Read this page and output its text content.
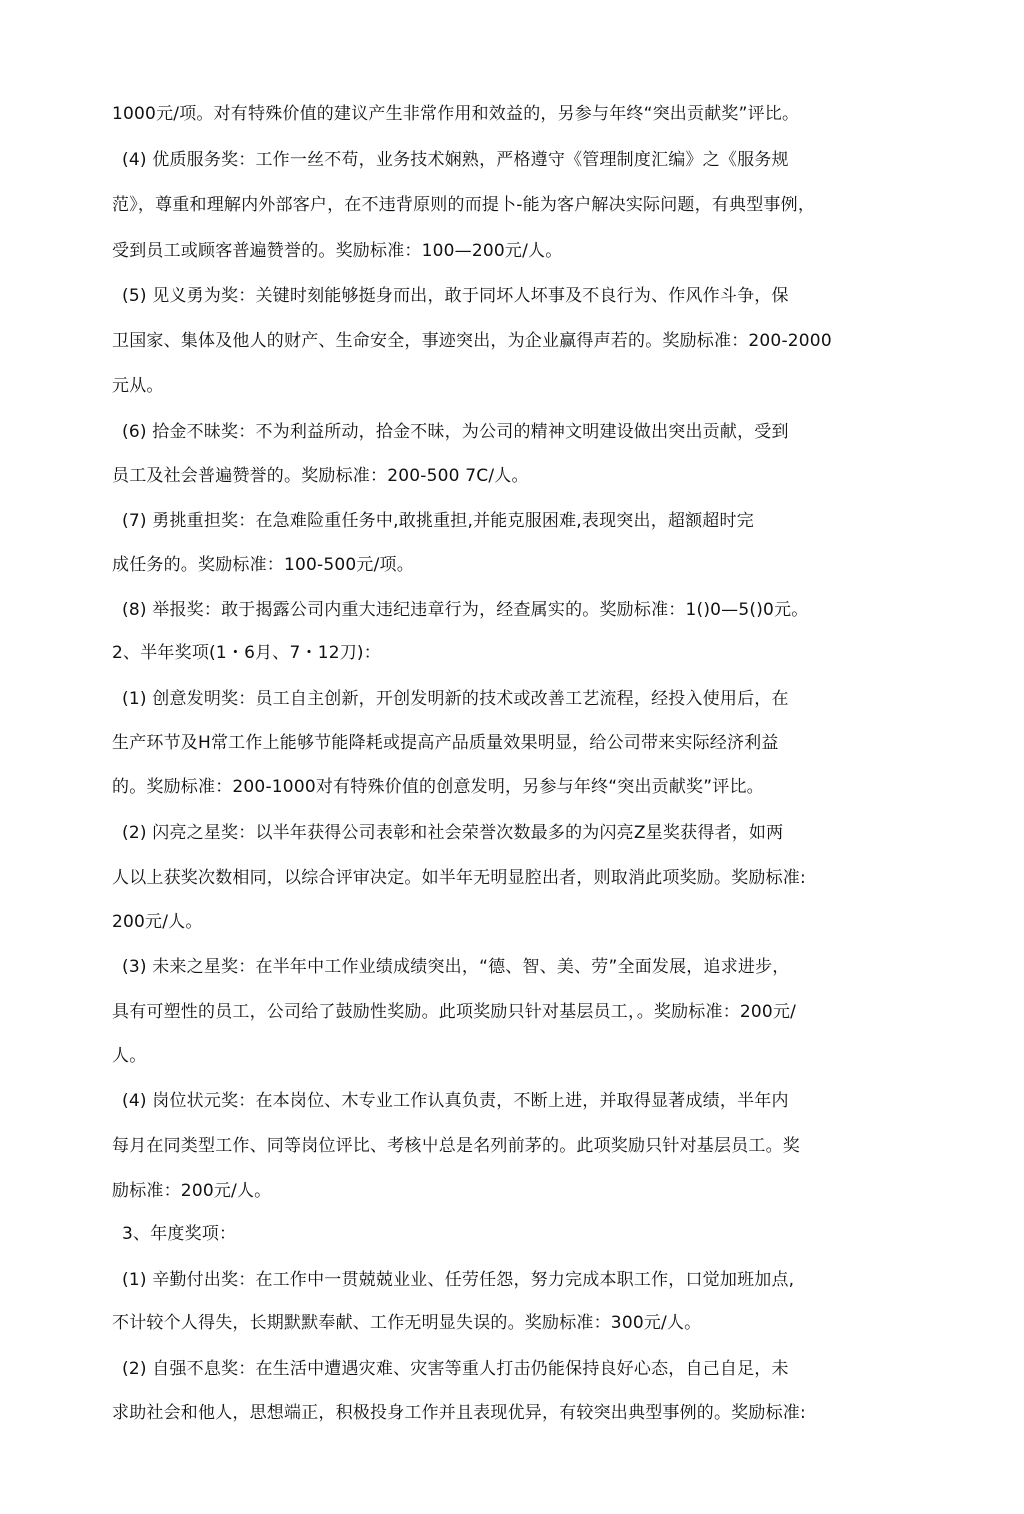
1000元/项。对有特殊价值的建议产生非常作用和效益的，另参与年终“突出贡献奖”评比。
(4) 优质服务奖：工作一丝不苟，业务技术娴熟，严格遵守《管理制度汇编》之《服务规
范》，尊重和理解内外部客户，在不违背原则的而提卜-能为客户解决实际问题，有典型事例，
受到员工或顾客普遍赞誉的。奖励标准：100—200元/人。
(5) 见义勇为奖：关键时刻能够挺身而出，敢于同坏人坏事及不良行为、作风作斗争，保
卫国家、集体及他人的财产、生命安全，事迹突出，为企业赢得声若的。奖励标准：200-2000
元从。
(6) 拾金不昧奖：不为利益所动，拾金不昧，为公司的精神文明建设做出突出贡献，受到
员工及社会普遍赞誉的。奖励标准：200-500 7C/人。
(7) 勇挑重担奖：在急难险重任务中,敢挑重担,并能克服困难,表现突出，超额超时完
成任务的。奖励标准：100-500元/项。
(8) 举报奖：敢于揭露公司内重大违纪违章行为，经查属实的。奖励标准：1()0—5()0元。
2、半年奖项(1・6月、7・12刀)：
(1) 创意发明奖：员工自主创新，开创发明新的技术或改善工艺流程，经投入使用后，在
生产环节及H常工作上能够节能降耗或提高产品质量效果明显，给公司带来实际经济利益
的。奖励标准：200-1000对有特殊价值的创意发明，另参与年终“突出贡献奖”评比。
(2) 闪亮之星奖：以半年获得公司表彰和社会荣誉次数最多的为闪亮Z星奖获得者，如两
人以上获奖次数相同，以综合评审决定。如半年无明显腔出者，则取消此项奖励。奖励标准:
200元/人。
(3) 未来之星奖：在半年中工作业绩成绩突出，“德、智、美、劳”全面发展，追求进步，
具有可塑性的员工，公司给了鼓励性奖励。此项奖励只针对基层员工，。奖励标准：200元/
人。
(4) 岗位状元奖：在本岗位、木专业工作认真负责，不断上进，并取得显著成绩，半年内
每月在同类型工作、同等岗位评比、考核屮总是名列前茅的。此项奖励只针对基层员工。奖
励标准：200元/人。
3、年度奖项：
(1) 辛勤付出奖：在工作中一贯兢兢业业、任劳任怨，努力完成本职工作，口觉加班加点,
不计较个人得失，长期默默奉献、工作无明显失误的。奖励标准：300元/人。
(2) 自强不息奖：在生活中遭遇灾难、灾害等重人打击仍能保持良好心态，自己自足，未
求助社会和他人，思想端正，积极投身工作并且表现优异，有较突出典型事例的。奖励标准:
